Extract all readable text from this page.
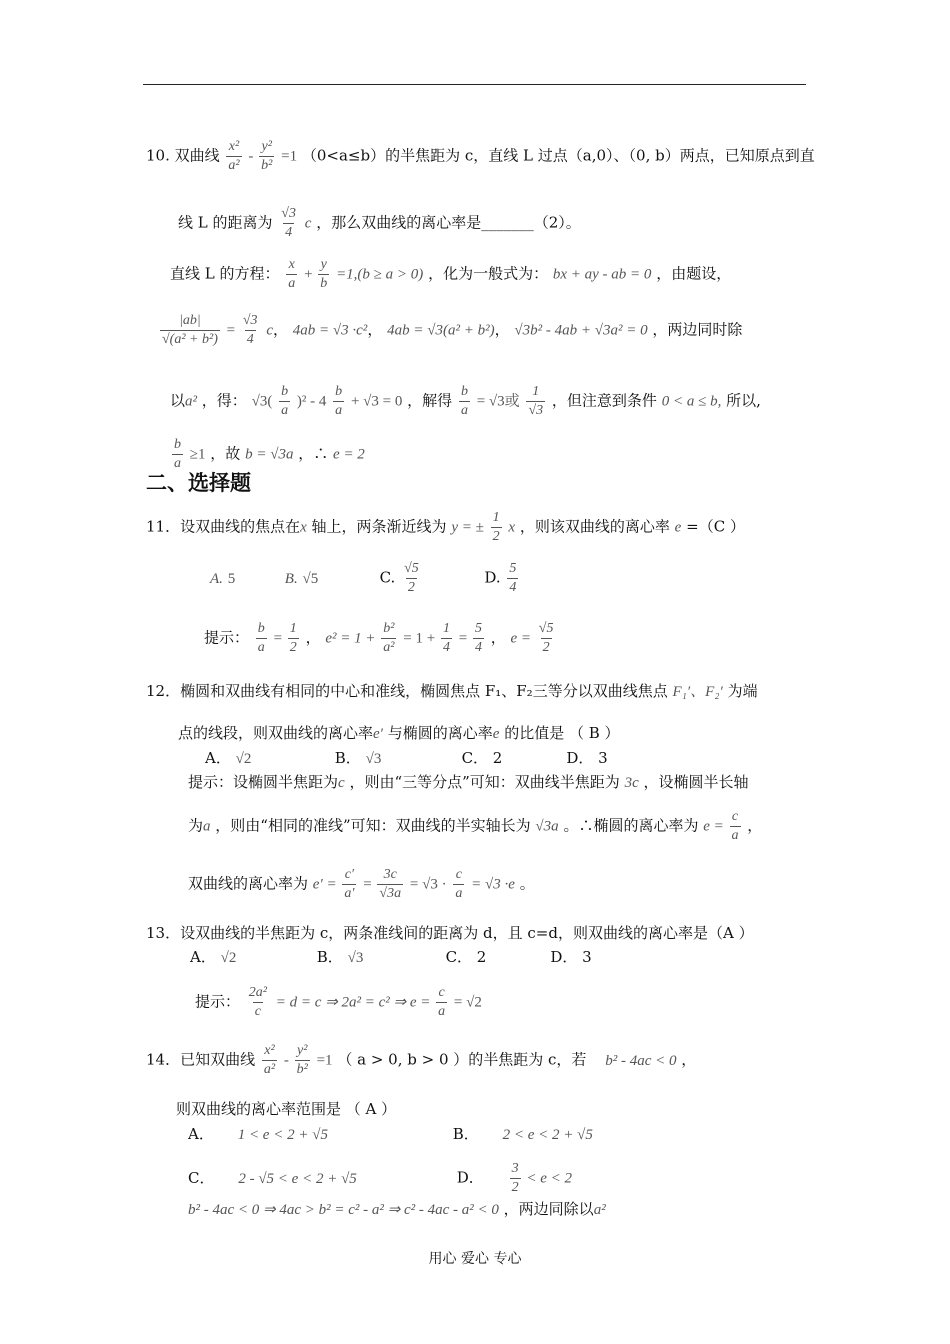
10. 双曲线 $\frac{\text{x²}}{\text{a²}} - \frac{\text{y²}}{\text{b²}} =1$ （0<a≤b）的半焦距为 c，直线 L 过点（a,0）、（0, b）两点，已知原点到直
线 L 的距离为 $\frac{√3}{4}$ c ，那么双曲线的离心率是_______（2）。
直线 L 的方程： $\frac{x}{a} + \frac{y}{b} =1,(b \ge a > 0)$ ，化为一般式为： bx + ay - ab = 0 ，由题设，
$\frac{|ab|}{\text{√(a² + b²)}} = \frac{√3}{4}$ c， 4ab = √3 ·c²， 4ab = √3(a² + b²)， √3b² - 4ab + √3a² = 0 ，两边同时除
以a² ，得： $√3( \frac{b}{a} )^2 - 4 \frac{b}{a} + √3 = 0$ ，解得 $\frac{b}{a} = √3$或 $\frac{1}{√3}$ ，但注意到条件 0 < a ≤ b, 所以,
$\frac{b}{a} \ge 1$ ，故 b = √3a ，∴ e = 2
二、选择题
11．设双曲线的焦点在x 轴上，两条渐近线为 y = ± $\frac{1}{2}$ x ，则该双曲线的离心率 e =（C ）
A. 5	B. √5	C. $\frac{√5}{2}$	D. $\frac{5}{4}$
提示： $\frac{b}{a} = \frac{1}{2}$ ， $e^2 = 1 + \frac{\text{b²}}{\text{a²}} = 1 + \frac{1}{4} = \frac{5}{4}$ ， $e = \frac{√5}{2}$
12．椭圆和双曲线有相同的中心和准线，椭圆焦点 F₁、F₂三等分以双曲线焦点 F₁′、F₂′ 为端
点的线段，则双曲线的离心率e′ 与椭圆的离心率e 的比值是 （ B ）
A． √2	B． √3	C． 2	D． 3
提示：设椭圆半焦距为c ，则由“三等分点”可知：双曲线半焦距为 3c ，设椭圆半长轴
为a ，则由“相同的准线”可知：双曲线的半实轴长为 √3a 。∴椭圆的离心率为 $e = \frac{c}{a}$ ，
双曲线的离心率为 $e' = \frac{c'}{a'} = \frac{3c}{√3a} = √3 \cdot \frac{c}{a} = √3 \cdot e$ 。
13．设双曲线的半焦距为 c，两条准线间的距离为 d，且 c=d，则双曲线的离心率是（A ）
A． √2	B． √3	C． 2	D． 3
提示： $\frac{\text{2a²}}{c} = d = c$ ⇒ 2a² = c² ⇒ $e = \frac{c}{a} = √2$
14．已知双曲线 $\frac{\text{x²}}{\text{a²}} - \frac{\text{y²}}{\text{b²}} =1$ （ a > 0, b > 0 ）的半焦距为 c，若 b² - 4ac < 0 ，
则双曲线的离心率范围是 （ A ）
A． 1 < e < 2 + √5	B． 2 < e < 2 + √5
C． 2 - √5 < e < 2 + √5	D． $\frac{3}{2} < e < 2$
b² - 4ac < 0 ⇒ 4ac > b² = c² - a² ⇒ c² - 4ac - a² < 0 ，两边同除以a²
用心 爱心 专心
